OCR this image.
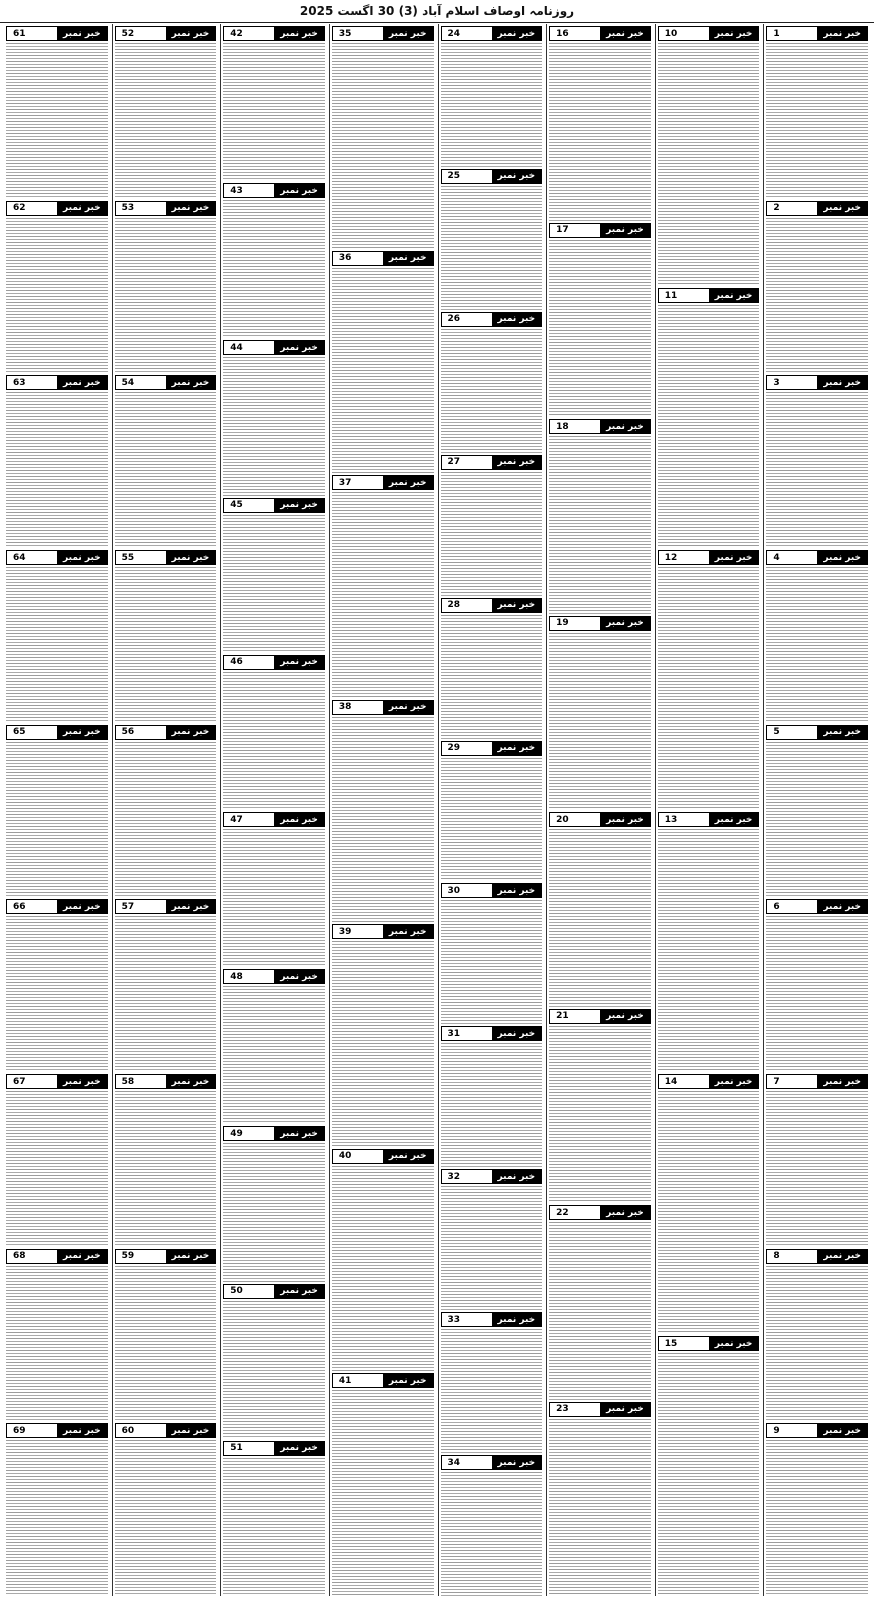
روزنامہ اوصاف اسلام آباد (3) 30 اگست 2025
خبر نمبر
1
خبر نمبر
2
خبر نمبر
3
خبر نمبر
4
خبر نمبر
5
خبر نمبر
6
خبر نمبر
7
خبر نمبر
8
خبر نمبر
9
خبر نمبر
10
خبر نمبر
11
خبر نمبر
12
خبر نمبر
13
خبر نمبر
14
خبر نمبر
15
خبر نمبر
16
خبر نمبر
17
خبر نمبر
18
خبر نمبر
19
خبر نمبر
20
خبر نمبر
21
خبر نمبر
22
خبر نمبر
23
خبر نمبر
24
خبر نمبر
25
خبر نمبر
26
خبر نمبر
27
خبر نمبر
28
خبر نمبر
29
خبر نمبر
30
خبر نمبر
31
خبر نمبر
32
خبر نمبر
33
خبر نمبر
34
خبر نمبر
35
خبر نمبر
36
خبر نمبر
37
خبر نمبر
38
خبر نمبر
39
خبر نمبر
40
خبر نمبر
41
خبر نمبر
42
خبر نمبر
43
خبر نمبر
44
خبر نمبر
45
خبر نمبر
46
خبر نمبر
47
خبر نمبر
48
خبر نمبر
49
خبر نمبر
50
خبر نمبر
51
خبر نمبر
52
خبر نمبر
53
خبر نمبر
54
خبر نمبر
55
خبر نمبر
56
خبر نمبر
57
خبر نمبر
58
خبر نمبر
59
خبر نمبر
60
خبر نمبر
61
خبر نمبر
62
خبر نمبر
63
خبر نمبر
64
خبر نمبر
65
خبر نمبر
66
خبر نمبر
67
خبر نمبر
68
خبر نمبر
69
